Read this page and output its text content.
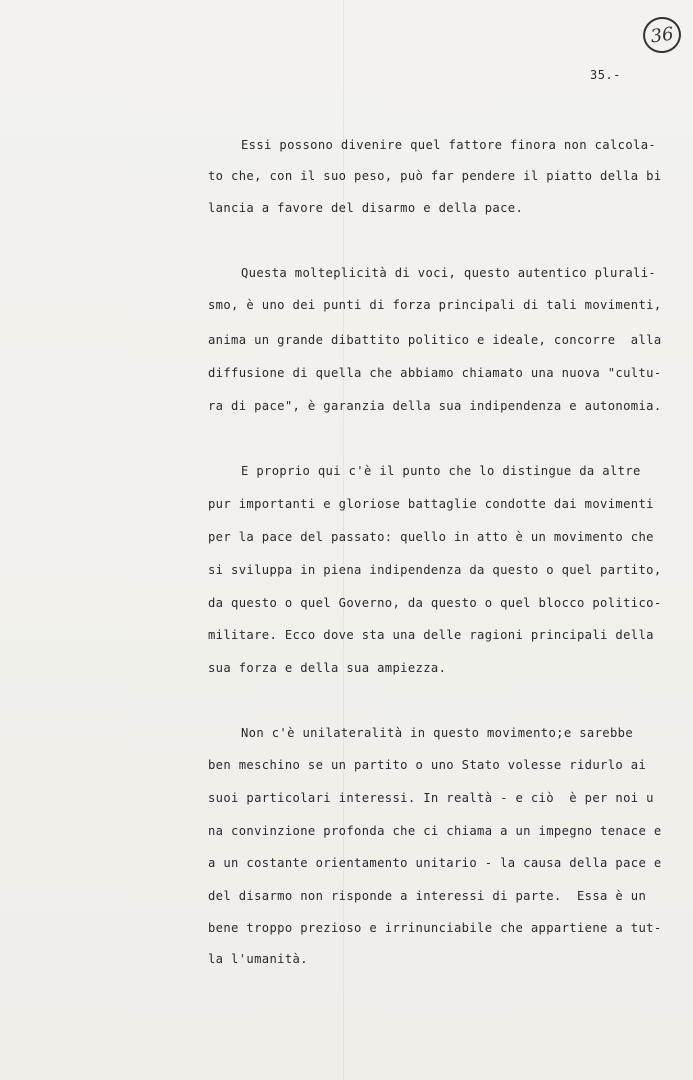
36
35.-
Essi possono divenire quel fattore finora non calcola-
to che, con il suo peso, può far pendere il piatto della bi
lancia a favore del disarmo e della pace.
Questa molteplicità di voci, questo autentico plurali-
smo, è uno dei punti di forza principali di tali movimenti,
anima un grande dibattito politico e ideale, concorre  alla
diffusione di quella che abbiamo chiamato una nuova "cultu-
ra di pace", è garanzia della sua indipendenza e autonomia.
E proprio qui c'è il punto che lo distingue da altre
pur importanti e gloriose battaglie condotte dai movimenti
per la pace del passato: quello in atto è un movimento che
si sviluppa in piena indipendenza da questo o quel partito,
da questo o quel Governo, da questo o quel blocco politico-
militare. Ecco dove sta una delle ragioni principali della
sua forza e della sua ampiezza.
Non c'è unilateralità in questo movimento;e sarebbe
ben meschino se un partito o uno Stato volesse ridurlo ai
suoi particolari interessi. In realtà - e ciò  è per noi u
na convinzione profonda che ci chiama a un impegno tenace e
a un costante orientamento unitario - la causa della pace e
del disarmo non risponde a interessi di parte.  Essa è un
bene troppo prezioso e irrinunciabile che appartiene a tut-
la l'umanità.
